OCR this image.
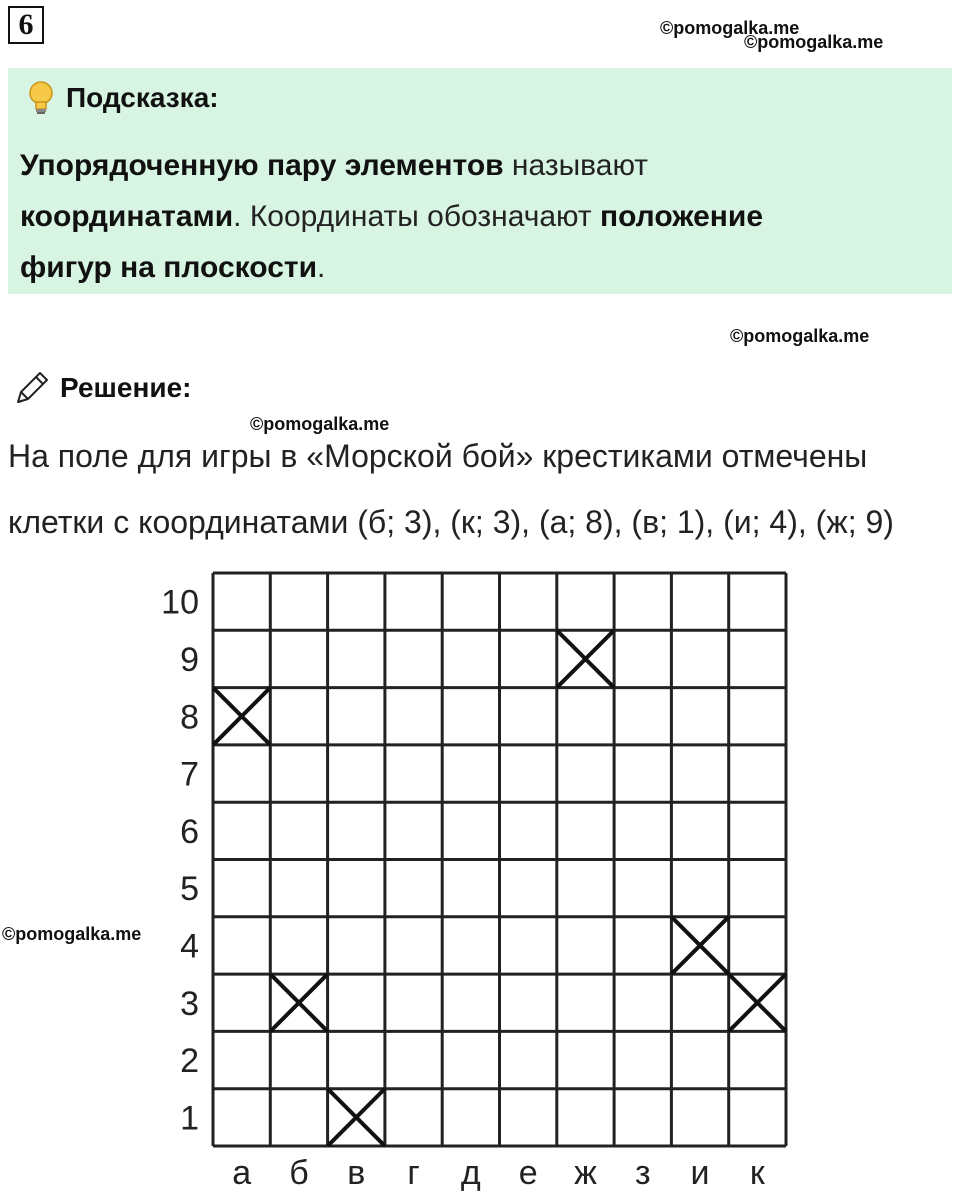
6	©pomogalka.me
©pomogalka.me
Подсказка:
Упорядоченную пару элементов называют
координатами. Координаты обозначают положение
фигур на плоскости.
©pomogalka.me
Решение:
©pomogalka.me
На поле для игры в «Морской бой» крестиками отмечены
клетки с координатами (б; 3), (к; 3), (а; 8), (в; 1), (и; 4), (ж; 9)
©pomogalka.me
а б в г д е ж з и к
1
2
3
4
5
6
7
8
9
10
